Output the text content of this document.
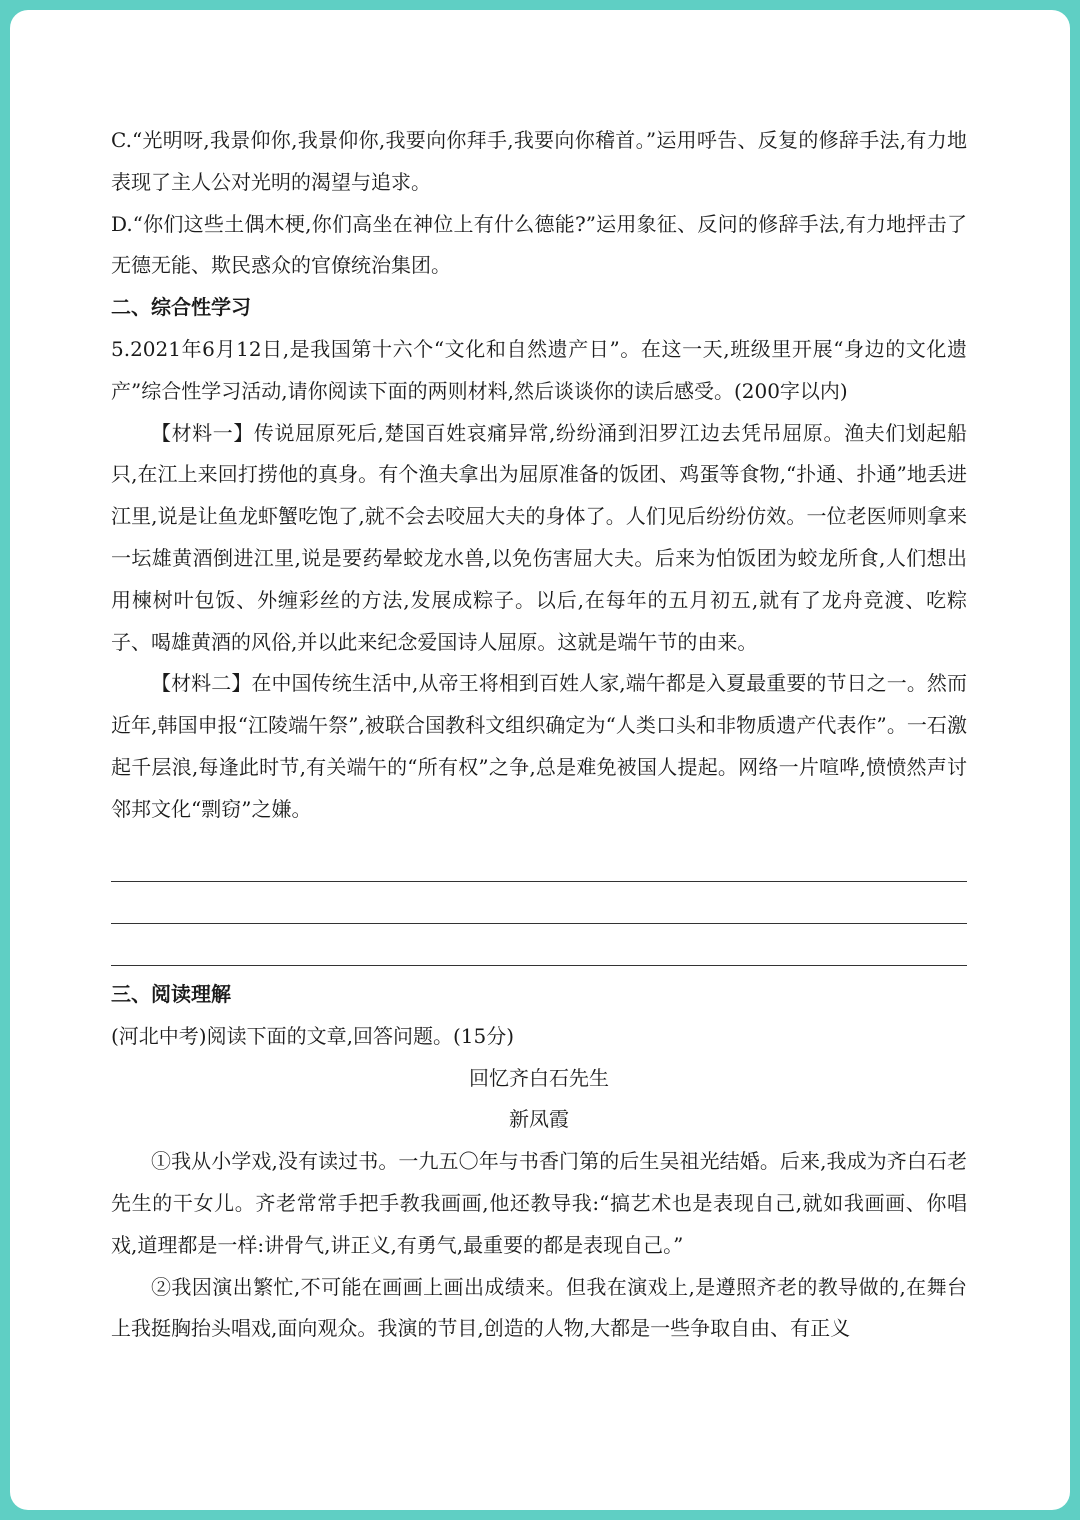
C.“光明呀,我景仰你,我景仰你,我要向你拜手,我要向你稽首。”运用呼告、反复的修辞手法,有力地表现了主人公对光明的渴望与追求。

D.“你们这些土偶木梗,你们高坐在神位上有什么德能?”运用象征、反问的修辞手法,有力地抨击了无德无能、欺民惑众的官僚统治集团。

二、综合性学习

5.2021年6月12日,是我国第十六个“文化和自然遗产日”。在这一天,班级里开展“身边的文化遗产”综合性学习活动,请你阅读下面的两则材料,然后谈谈你的读后感受。(200字以内)

【材料一】传说屈原死后,楚国百姓哀痛异常,纷纷涌到汨罗江边去凭吊屈原。渔夫们划起船只,在江上来回打捞他的真身。有个渔夫拿出为屈原准备的饭团、鸡蛋等食物,“扑通、扑通”地丢进江里,说是让鱼龙虾蟹吃饱了,就不会去咬屈大夫的身体了。人们见后纷纷仿效。一位老医师则拿来一坛雄黄酒倒进江里,说是要药晕蛟龙水兽,以免伤害屈大夫。后来为怕饭团为蛟龙所食,人们想出用楝树叶包饭、外缠彩丝的方法,发展成粽子。以后,在每年的五月初五,就有了龙舟竞渡、吃粽子、喝雄黄酒的风俗,并以此来纪念爱国诗人屈原。这就是端午节的由来。

【材料二】在中国传统生活中,从帝王将相到百姓人家,端午都是入夏最重要的节日之一。然而近年,韩国申报“江陵端午祭”,被联合国教科文组织确定为“人类口头和非物质遗产代表作”。一石激起千层浪,每逢此时节,有关端午的“所有权”之争,总是难免被国人提起。网络一片喧哗,愤愤然声讨邻邦文化“剽窃”之嫌。

三、阅读理解

(河北中考)阅读下面的文章,回答问题。(15分)

回忆齐白石先生

新凤霞

①我从小学戏,没有读过书。一九五〇年与书香门第的后生吴祖光结婚。后来,我成为齐白石老先生的干女儿。齐老常常手把手教我画画,他还教导我:“搞艺术也是表现自己,就如我画画、你唱戏,道理都是一样:讲骨气,讲正义,有勇气,最重要的都是表现自己。”

②我因演出繁忙,不可能在画画上画出成绩来。但我在演戏上,是遵照齐老的教导做的,在舞台上我挺胸抬头唱戏,面向观众。我演的节目,创造的人物,大都是一些争取自由、有正义
